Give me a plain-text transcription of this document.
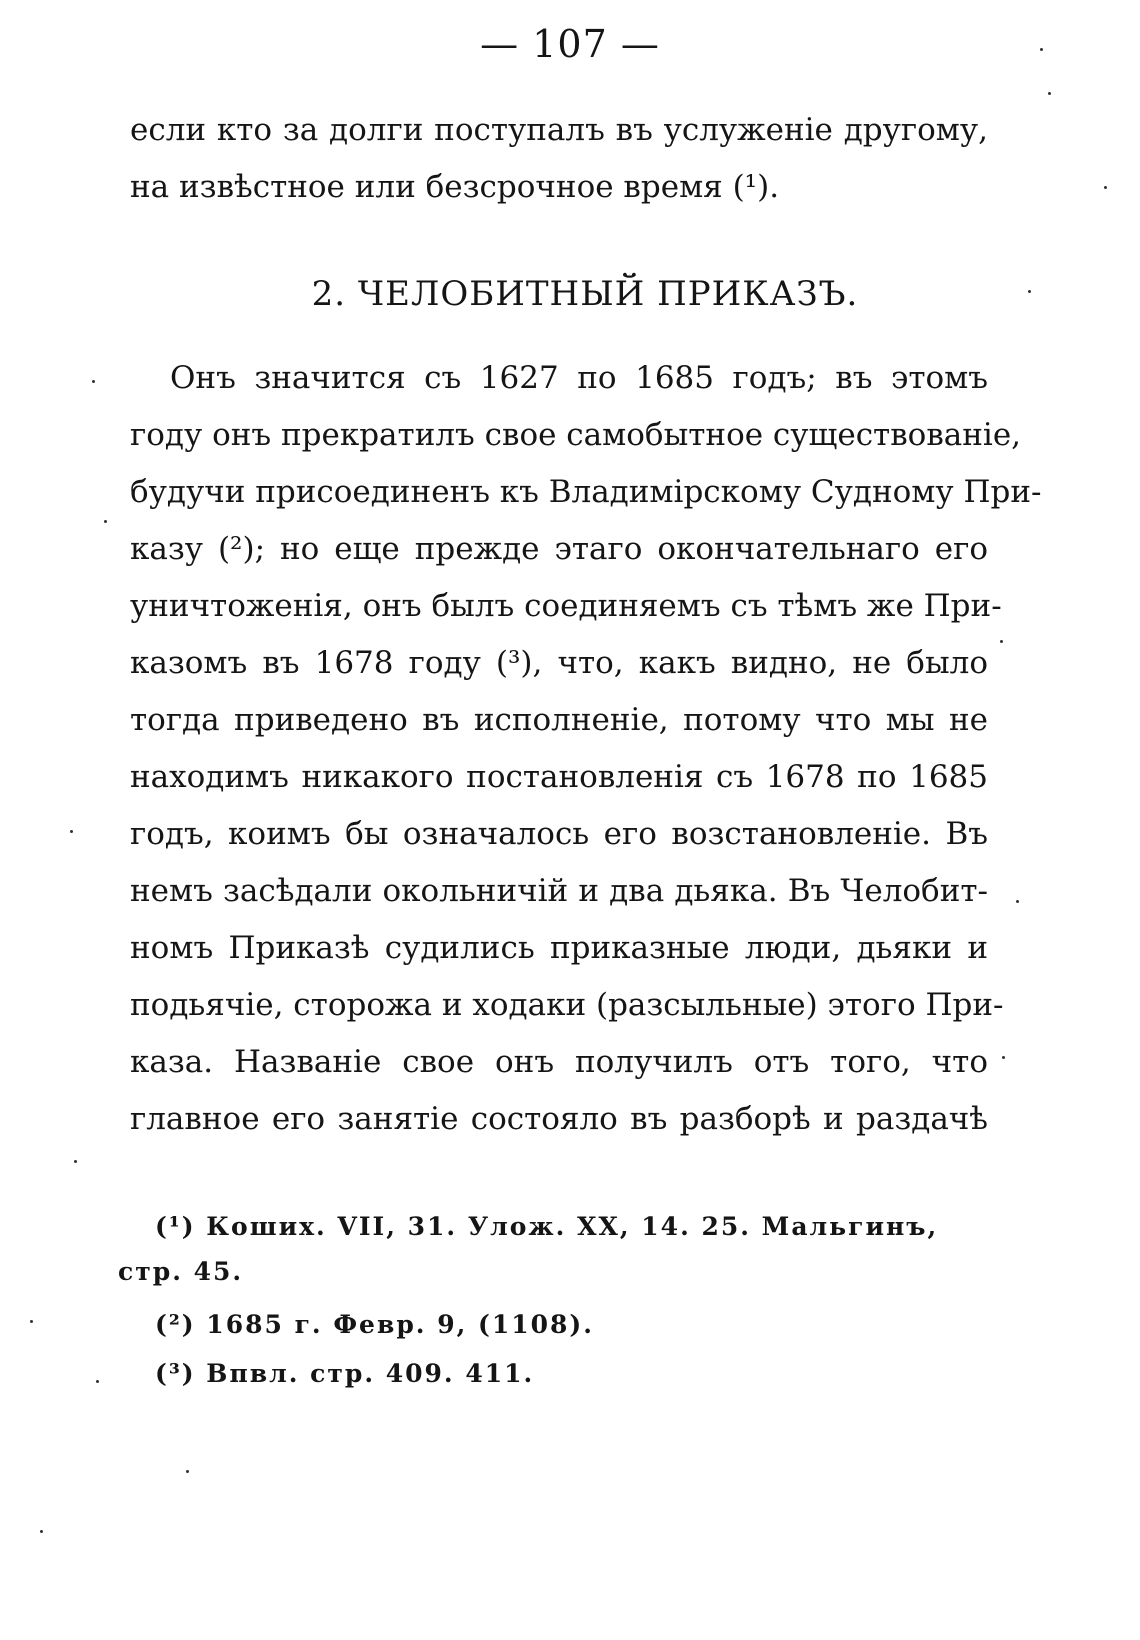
— 107 —
если кто за долги поступалъ въ услуженіе другому,
на извѣстное или безсрочное время (¹).
2. ЧЕЛОБИТНЫЙ ПРИКАЗЪ.
Онъ значится съ 1627 по 1685 годъ; въ этомъ
году онъ прекратилъ свое самобытное существованіе,
будучи присоединенъ къ Владимірскому Судному При-
казу (²); но еще прежде этаго окончательнаго его
уничтоженія, онъ былъ соединяемъ съ тѣмъ же При-
казомъ въ 1678 году (³), что, какъ видно, не было
тогда приведено въ исполненіе, потому что мы не
находимъ никакого постановленія съ 1678 по 1685
годъ, коимъ бы означалось его возстановленіе. Въ
немъ засѣдали окольничій и два дьяка. Въ Челобит-
номъ Приказѣ судились приказные люди, дьяки и
подьячіе, сторожа и ходаки (разсыльные) этого При-
каза. Названіе свое онъ получилъ отъ того, что
главное его занятіе состояло въ разборѣ и раздачѣ
(¹) Коших. VII, 31. Улож. XX, 14. 25. Мальгинъ,
стр. 45.
(²) 1685 г. Февр. 9, (1108).
(³) Впвл. стр. 409. 411.
